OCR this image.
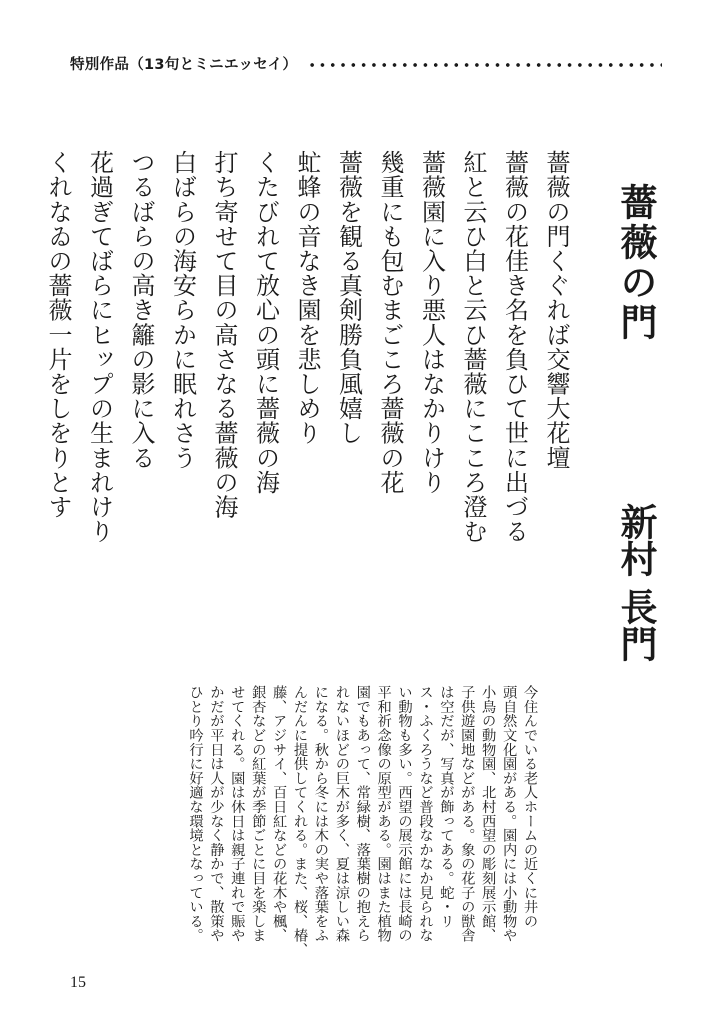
特別作品（13句とミニエッセイ）
薔薇の門
新村
長門
薔薇の門くぐれば交響大花壇
薔薇の花佳き名を負ひて世に出づる
紅と云ひ白と云ひ薔薇にこころ澄む
薔薇園に入り悪人はなかりけり
幾重にも包むまごころ薔薇の花
薔薇を観る真剣勝負風嬉し
虻蜂の音なき園を悲しめり
くたびれて放心の頭に薔薇の海
打ち寄せて目の高さなる薔薇の海
白ばらの海安らかに眠れさう
つるばらの高き籬の影に入る
花過ぎてばらにヒップの生まれけり
くれなゐの薔薇一片をしをりとす
今住んでいる老人ホームの近くに井の
頭自然文化園がある。園内には小動物や
小鳥の動物園、北村西望の彫刻展示館、
子供遊園地などがある。象の花子の獣舎
は空だが、写真が飾ってある。蛇・リ
ス・ふくろうなど普段なかなか見られな
い動物も多い。西望の展示館には長崎の
平和祈念像の原型がある。園はまた植物
園でもあって、常緑樹、落葉樹の抱えら
れないほどの巨木が多く、夏は涼しい森
になる。秋から冬には木の実や落葉をふ
んだんに提供してくれる。また、桜、椿、
藤、アジサイ、百日紅などの花木や楓、
銀杏などの紅葉が季節ごとに目を楽しま
せてくれる。園は休日は親子連れで賑や
かだが平日は人が少なく静かで、散策や
ひとり吟行に好適な環境となっている。
15
